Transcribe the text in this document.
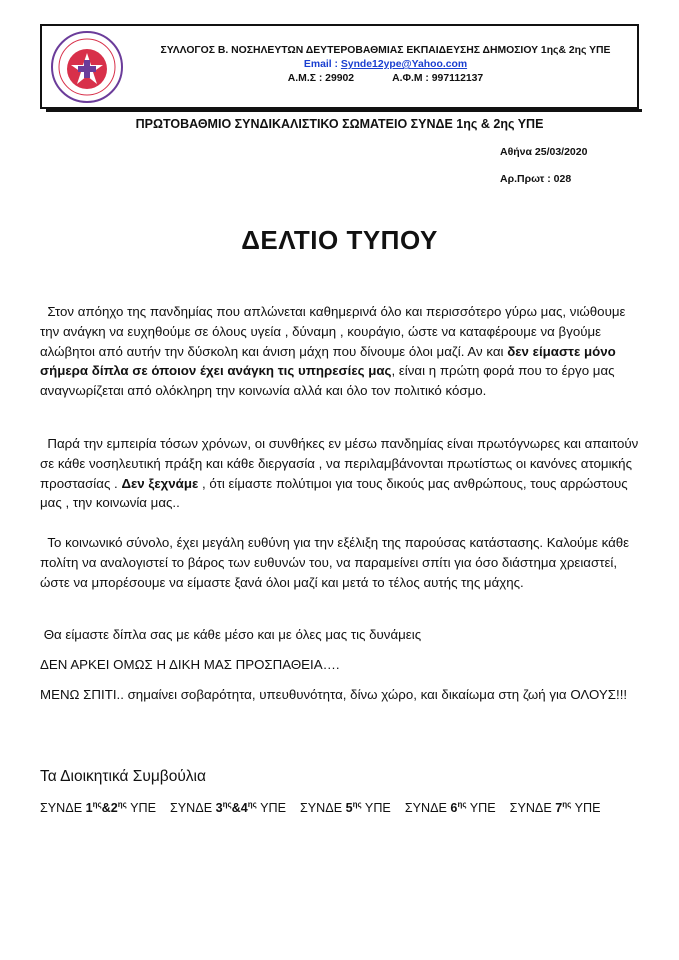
ΣΥΛΛΟΓΟΣ Β. ΝΟΣΗΛΕΥΤΩΝ ΔΕΥΤΕΡΟΒΑΘΜΙΑΣ ΕΚΠΑΙΔΕΥΣΗΣ ΔΗΜΟΣΙΟΥ 1ης& 2ης ΥΠΕ
Email : Synde12ype@Yahoo.com
Α.Μ.Σ : 29902	Α.Φ.Μ : 997112137
ΠΡΩΤΟΒΑΘΜΙΟ ΣΥΝΔΙΚΑΛΙΣΤΙΚΟ ΣΩΜΑΤΕΙΟ ΣΥΝΔΕ 1ης & 2ης ΥΠΕ
Αθήνα 25/03/2020
Αρ.Πρωτ : 028
ΔΕΛΤΙΟ ΤΥΠΟΥ

Στον απόηχο της πανδημίας που απλώνεται καθημερινά όλο και περισσότερο γύρω μας, νιώθουμε την ανάγκη να ευχηθούμε σε όλους υγεία , δύναμη , κουράγιο, ώστε να καταφέρουμε να βγούμε αλώβητοι από αυτήν την δύσκολη και άνιση μάχη που δίνουμε όλοι μαζί. Αν και δεν είμαστε μόνο σήμερα δίπλα σε όποιον έχει ανάγκη τις υπηρεσίες μας, είναι η πρώτη φορά που το έργο μας αναγνωρίζεται από ολόκληρη την κοινωνία αλλά και όλο τον πολιτικό κόσμο.

Παρά την εμπειρία τόσων χρόνων, οι συνθήκες εν μέσω πανδημίας είναι πρωτόγνωρες και απαιτούν σε κάθε νοσηλευτική πράξη και κάθε διεργασία , να περιλαμβάνονται πρωτίστως οι κανόνες ατομικής προστασίας . Δεν ξεχνάμε , ότι είμαστε πολύτιμοι για τους δικούς μας ανθρώπους, τους αρρώστους μας , την κοινωνία μας..

Το κοινωνικό σύνολο, έχει μεγάλη ευθύνη για την εξέλιξη της παρούσας κατάστασης. Καλούμε κάθε πολίτη να αναλογιστεί το βάρος των ευθυνών του, να παραμείνει σπίτι για όσο διάστημα χρειαστεί, ώστε να μπορέσουμε να είμαστε ξανά όλοι μαζί και μετά το τέλος αυτής της μάχης.

Θα είμαστε δίπλα σας με κάθε μέσο και με όλες μας τις δυνάμεις

ΔΕΝ ΑΡΚΕΙ ΟΜΩΣ Η ΔΙΚΗ ΜΑΣ ΠΡΟΣΠΑΘΕΙΑ….

ΜΕΝΩ ΣΠΙΤΙ.. σημαίνει σοβαρότητα, υπευθυνότητα, δίνω χώρο, και δικαίωμα στη ζωή για ΟΛΟΥΣ!!!

Τα Διοικητικά Συμβούλια
ΣΥΝΔΕ $1^{\eta\varsigma}\&2^{\eta\varsigma}$ ΥΠΕ ΣΥΝΔΕ $3^{\eta\varsigma}\&4^{\eta\varsigma}$ ΥΠΕ ΣΥΝΔΕ $5^{\eta\varsigma}$ ΥΠΕ ΣΥΝΔΕ $6^{\eta\varsigma}$ ΥΠΕ ΣΥΝΔΕ $7^{\eta\varsigma}$ ΥΠΕ
